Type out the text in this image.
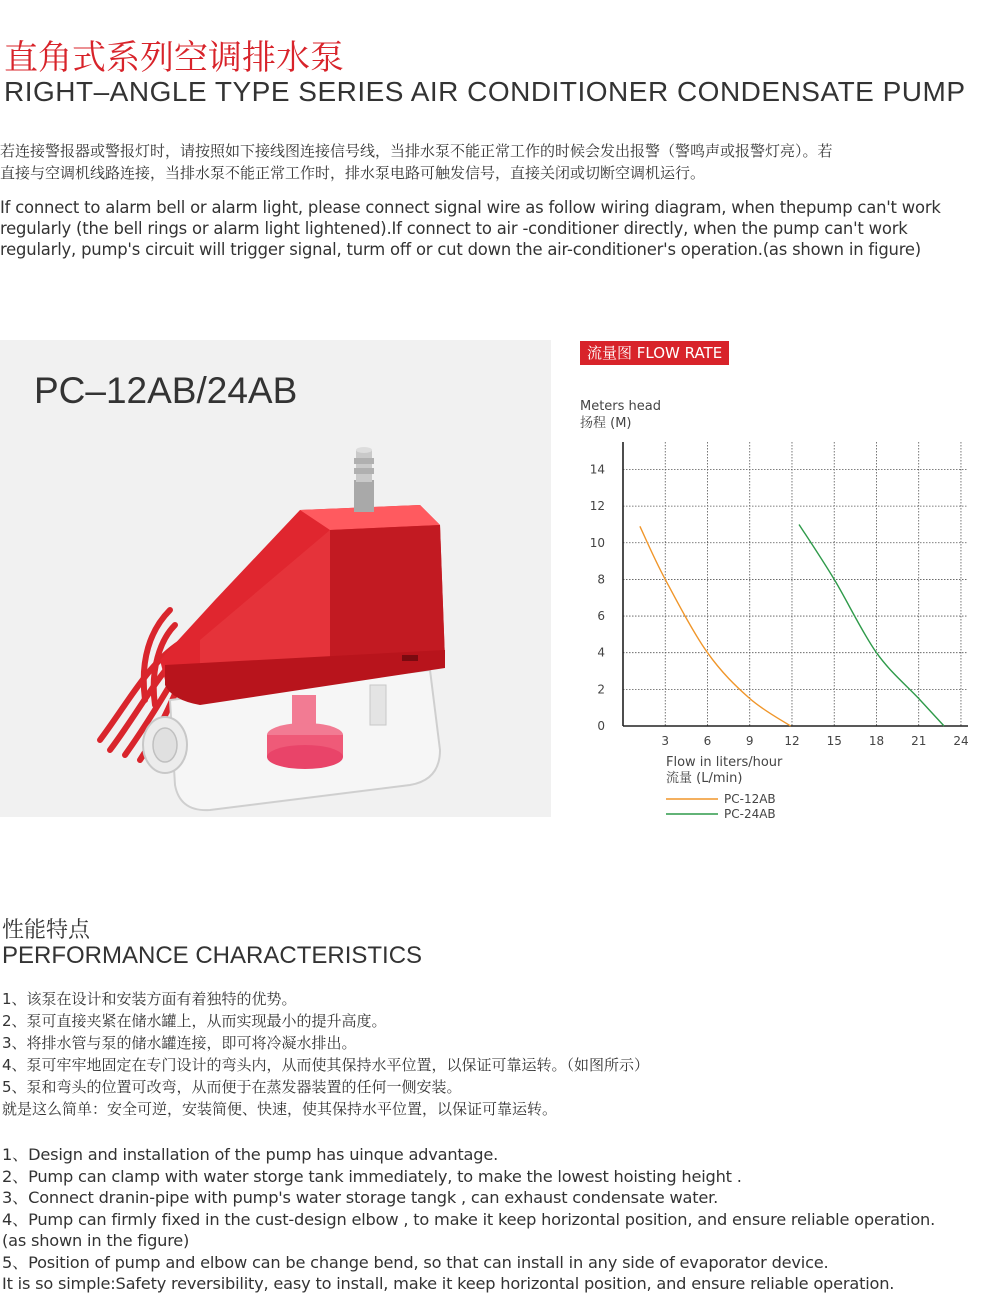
直角式系列空调排水泵
RIGHT–ANGLE TYPE SERIES AIR CONDITIONER CONDENSATE PUMP
若连接警报器或警报灯时，请按照如下接线图连接信号线，当排水泵不能正常工作的时候会发出报警（警鸣声或报警灯亮）。若
直接与空调机线路连接，当排水泵不能正常工作时，排水泵电路可触发信号，直接关闭或切断空调机运行。
If connect to alarm bell or alarm light, please connect signal wire as follow wiring diagram, when thepump can't work
regularly (the bell rings or alarm light lightened).If connect to air -conditioner directly, when the pump can't work
regularly, pump's circuit will trigger signal, turm off or cut down the air-conditioner's operation.(as shown in figure)
PC–12AB/24AB
流量图 FLOW RATE
Meters head
扬程 (M)
0
2
4
6
8
10
12
14
3	6	9	12 15 18 21 24
Flow in liters/hour
流量 (L/min)
PC-12AB
PC-24AB
性能特点
PERFORMANCE CHARACTERISTICS
1、该泵在设计和安装方面有着独特的优势。
2、泵可直接夹紧在储水罐上，从而实现最小的提升高度。
3、将排水管与泵的储水罐连接，即可将冷凝水排出。
4、泵可牢牢地固定在专门设计的弯头内，从而使其保持水平位置，以保证可靠运转。（如图所示）
5、泵和弯头的位置可改弯，从而便于在蒸发器装置的任何一侧安装。
就是这么简单：安全可逆，安装简便、快速，使其保持水平位置，以保证可靠运转。
1、Design and installation of the pump has uinque advantage.
2、Pump can clamp with water storge tank immediately, to make the lowest hoisting height .
3、Connect dranin-pipe with pump's water storage tangk , can exhaust condensate water.
4、Pump can firmly fixed in the cust-design elbow , to make it keep horizontal position, and ensure reliable operation.
(as shown in the figure)
5、Position of pump and elbow can be change bend, so that can install in any side of evaporator device.
It is so simple:Safety reversibility, easy to install, make it keep horizontal position, and ensure reliable operation.
